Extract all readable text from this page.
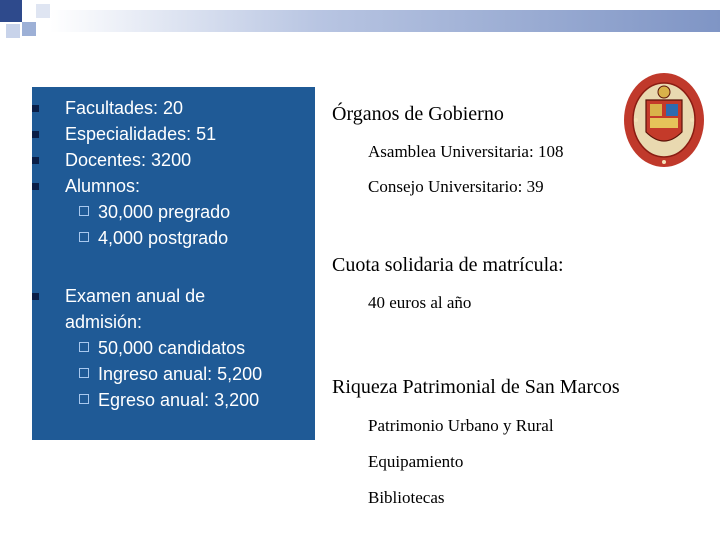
Facultades: 20
Especialidades: 51
Docentes: 3200
Alumnos:
30,000 pregrado
4,000 postgrado
Examen anual de
admisión:
50,000 candidatos
Ingreso anual: 5,200
Egreso anual: 3,200
Órganos de Gobierno
Asamblea Universitaria: 108
Consejo Universitario: 39
Cuota solidaria de matrícula:
40 euros al año
Riqueza Patrimonial de San Marcos
Patrimonio Urbano y Rural
Equipamiento
Bibliotecas
